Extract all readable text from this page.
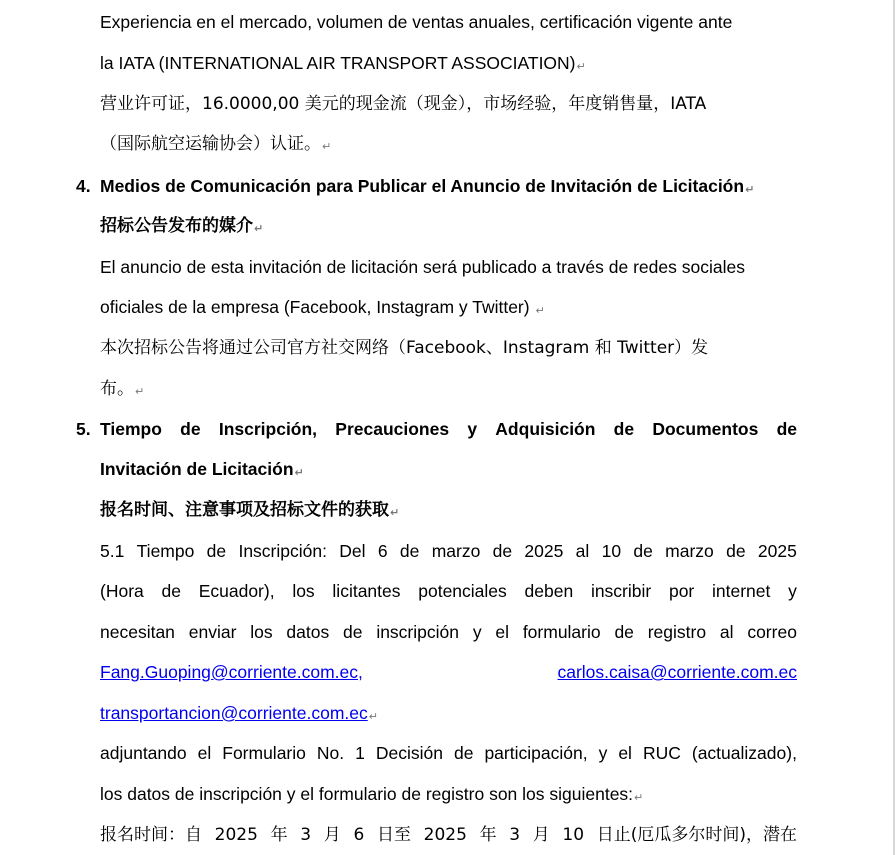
Experiencia en el mercado, volumen de ventas anuales, certificación vigente ante
la IATA (INTERNATIONAL AIR TRANSPORT ASSOCIATION)↵
营业许可证，16.0000,00 美元的现金流（现金），市场经验，年度销售量，IATA
（国际航空运输协会）认证。↵
4. Medios de Comunicación para Publicar el Anuncio de Invitación de Licitación↵
招标公告发布的媒介↵
El anuncio de esta invitación de licitación será publicado a través de redes sociales
oficiales de la empresa (Facebook, Instagram y Twitter) ↵
本次招标公告将通过公司官方社交网络（Facebook、Instagram 和 Twitter）发
布。↵
5. Tiempo de Inscripción, Precauciones y Adquisición de Documentos de
Invitación de Licitación↵
报名时间、注意事项及招标文件的获取↵
5.1 Tiempo de Inscripción: Del 6 de marzo de 2025 al 10 de marzo de 2025
(Hora de Ecuador), los licitantes potenciales deben inscribir por internet y
necesitan enviar los datos de inscripción y el formulario de registro al correo
Fang.Guoping@corriente.com.ec,	carlos.caisa@corriente.com.ec
transportancion@corriente.com.ec↵
adjuntando el Formulario No. 1 Decisión de participación, y el RUC (actualizado),
los datos de inscripción y el formulario de registro son los siguientes:↵
报名时间：自 2025 年 3 月 6 日至 2025 年 3 月 10 日止(厄瓜多尔时间)，潜在
